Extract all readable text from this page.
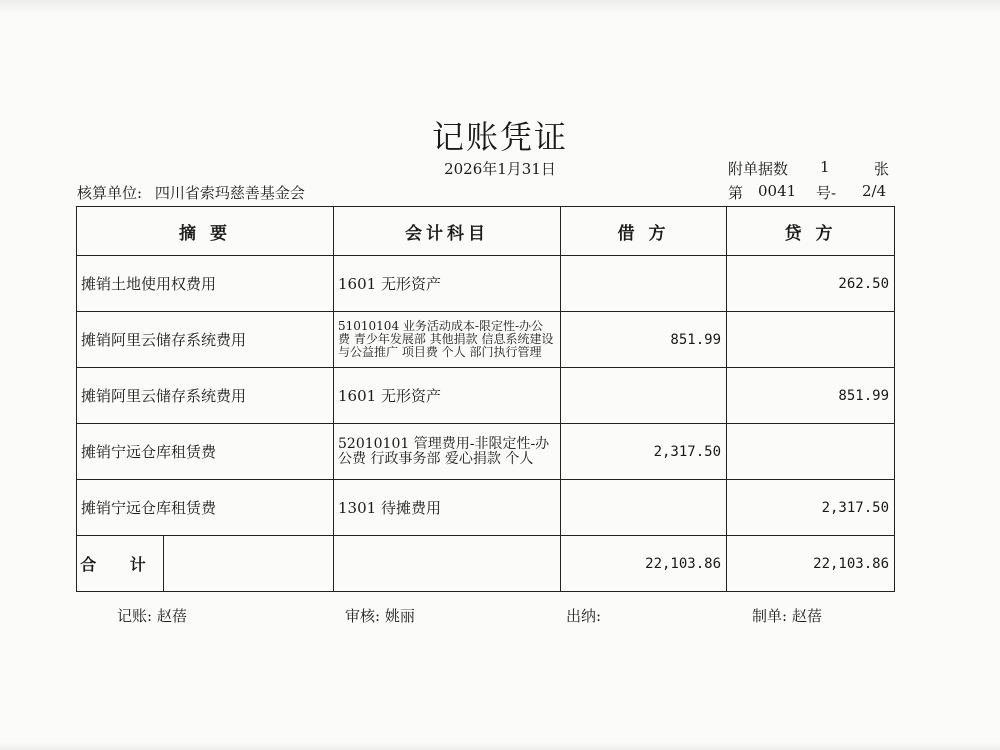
记账凭证
2026年1月31日	附单据数 1	张
核算单位: 四川省索玛慈善基金会	第 0041 号- 2/4
摘 要	会计科目	借 方	贷 方
摊销土地使用权费用	1601 无形资产		262.50
摊销阿里云储存系统费用	51010104 业务活动成本-限定性-办公费 青少年发展部 其他捐款 信息系统建设与公益推广 项目费 个人 部门执行管理	851.99	
摊销阿里云储存系统费用	1601 无形资产		851.99
摊销宁远仓库租赁费	52010101 管理费用-非限定性-办公费 行政事务部 爱心捐款 个人	2,317.50	
摊销宁远仓库租赁费	1301 待摊费用		2,317.50

合 计		22,103.86	22,103.86
记账: 赵蓓	审核: 姚丽	出纳:	制单: 赵蓓
